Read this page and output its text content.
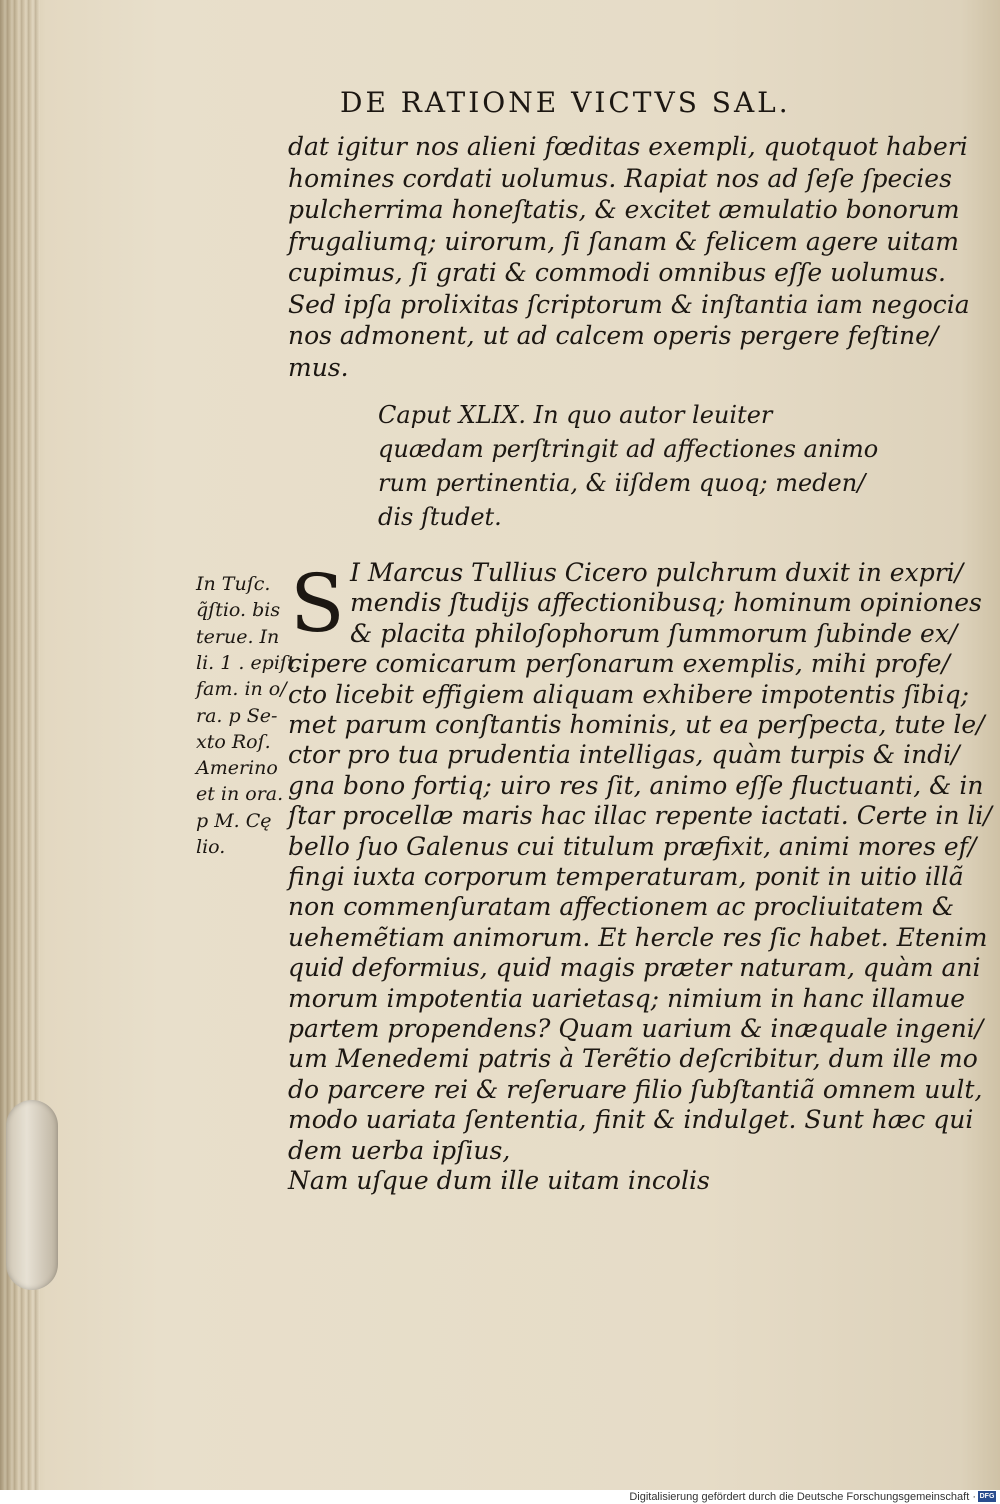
DE RATIONE VICTVS SAL.
dat igitur nos alieni fœditas exempli, quotquot haberi
homines cordati uolumus. Rapiat nos ad ſeſe ſpecies
pulcherrima honeſtatis, & excitet æmulatio bonorum
frugaliumq; uirorum, ſi ſanam & felicem agere uitam
cupimus, ſi grati & commodi omnibus eſſe uolumus.
Sed ipſa prolixitas ſcriptorum & inſtantia iam negocia
nos admonent, ut ad calcem operis pergere feſtine/
mus.
Caput XLIX. In quo autor leuiter
quædam perſtringit ad affectiones animo
rum pertinentia, & iiſdem quoq; meden/
dis ſtudet.
S I Marcus Tullius Cicero pulchrum duxit in expri/
mendis ſtudijs affectionibusq; hominum opiniones
& placita philoſophorum ſummorum ſubinde ex/
cipere comicarum perſonarum exemplis, mihi profe/
cto licebit effigiem aliquam exhibere impotentis ſibiq;
met parum conſtantis hominis, ut ea perſpecta, tute le/
ctor pro tua prudentia intelligas, quàm turpis & indi/
gna bono fortiq; uiro res ſit, animo eſſe fluctuanti, & in
ſtar procellæ maris hac illac repente iactati. Certe in li/
bello ſuo Galenus cui titulum præfixit, animi mores ef/
fingi iuxta corporum temperaturam, ponit in uitio illã
non commenſuratam affectionem ac procliuitatem &
uehemẽtiam animorum. Et hercle res ſic habet. Etenim
quid deformius, quid magis præter naturam, quàm ani
morum impotentia uarietasq; nimium in hanc illamue
partem propendens? Quam uarium & inæquale ingeni/
um Menedemi patris à Terẽtio deſcribitur, dum ille mo
do parcere rei & reſeruare filio ſubſtantiã omnem uult,
modo uariata ſententia, finit & indulget. Sunt hæc qui
dem uerba ipſius,
Nam uſque dum ille uitam incolis
In Tuſc.
q̃ſtio. bis
terue. In
li. 1 . epiſt.
fam. in o/
ra. p Se-
xto Roſ.
Amerino
et in ora.
p M. Cę
lio.
Digitalisierung gefördert durch die Deutsche Forschungsgemeinschaft · DFG
